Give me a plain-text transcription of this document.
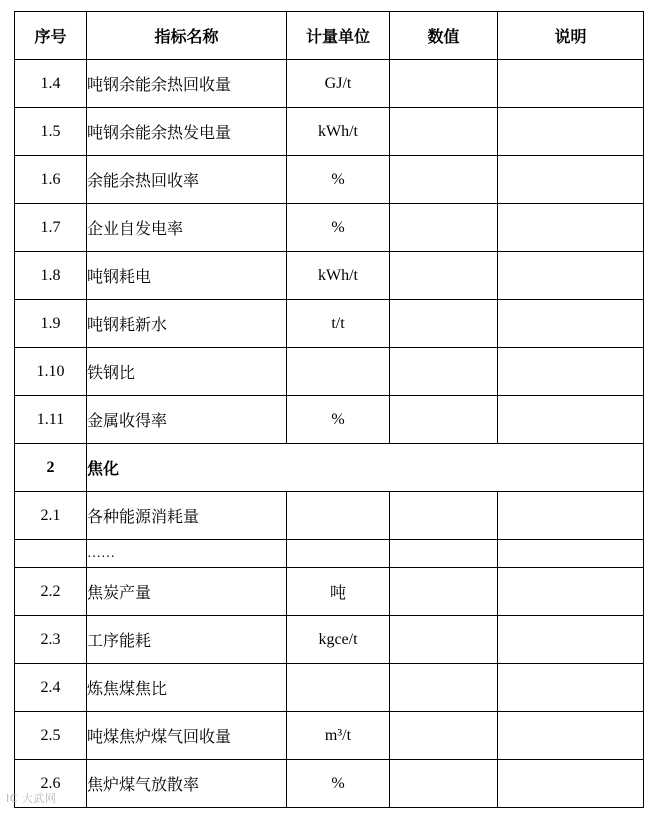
序号	指标名称	计量单位	数值	说明
1.4	吨钢余能余热回收量	GJ/t		
1.5	吨钢余能余热发电量	kWh/t		
1.6	余能余热回收率	%		
1.7	企业自发电率	%		
1.8	吨钢耗电	kWh/t		
1.9	吨钢耗新水	t/t		
1.10	铁钢比			
1.11	金属收得率	%		
2	焦化			
2.1	各种能源消耗量			
	……			
2.2	焦炭产量	吨		
2.3	工序能耗	kgce/t		
2.4	炼焦煤焦比			
2.5	吨煤焦炉煤气回收量	m³/t		
2.6	焦炉煤气放散率	%		
IC 大武网
